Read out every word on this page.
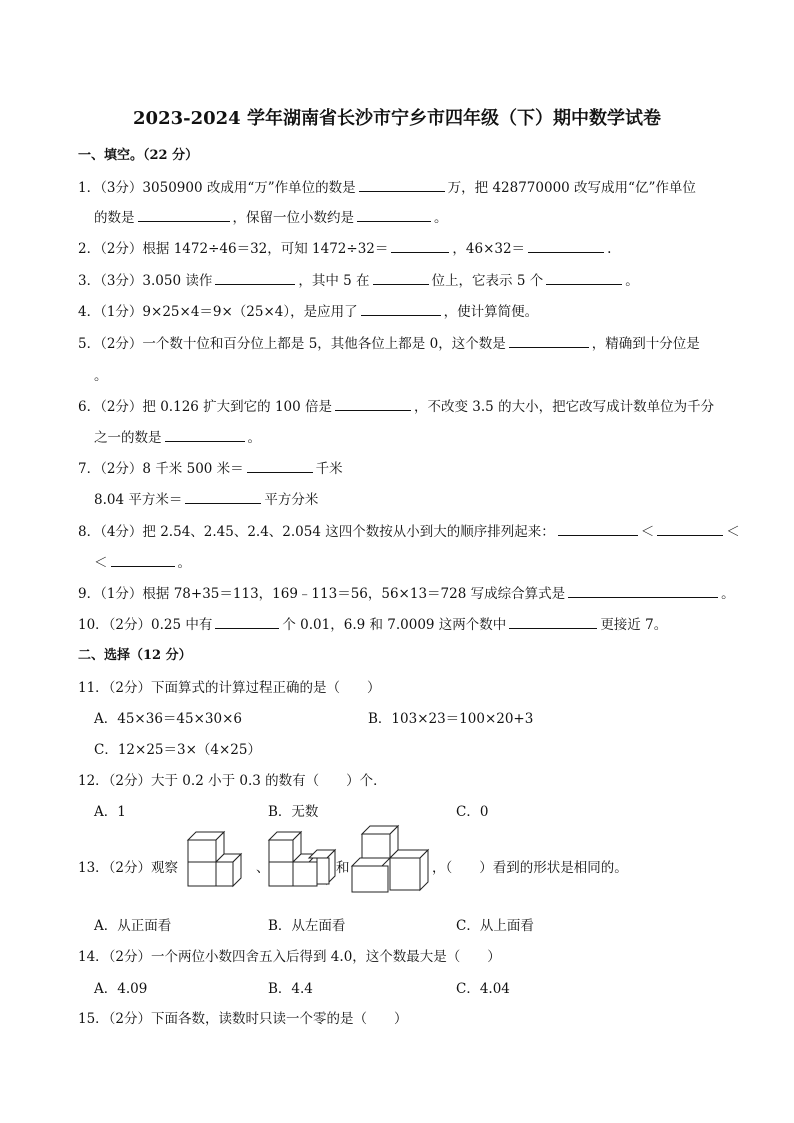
2023-2024 学年湖南省长沙市宁乡市四年级（下）期中数学试卷
一、填空。（22 分）
1．（3分）3050900 改成用“万”作单位的数是	万，把 428770000 改写成用“亿”作单位
的数是	，保留一位小数约是	。
2．（2分）根据 1472÷46＝32，可知 1472÷32＝	，46×32＝	.
3．（3分）3.050 读作	，其中 5 在	位上，它表示 5 个	。
4．（1分）9×25×4＝9×（25×4），是应用了	，使计算简便。
5．（2分）一个数十位和百分位上都是 5，其他各位上都是 0，这个数是	，精确到十分位是
。
6．（2分）把 0.126 扩大到它的 100 倍是	，不改变 3.5 的大小，把它改写成计数单位为千分
之一的数是	。
7．（2分）8 千米 500 米＝	千米
8.04 平方米＝	平方分米
8．（4分）把 2.54、2.45、2.4、2.054 这四个数按从小到大的顺序排列起来：	＜	＜
＜	。
9．（1分）根据 78+35＝113，169﹣113＝56，56×13＝728 写成综合算式是	。
10．（2分）0.25 中有	个 0.01，6.9 和 7.0009 这两个数中	更接近 7。
二、选择（12 分）
11．（2分）下面算式的计算过程正确的是（　　）
A．45×36＝45×30×6	B．103×23＝100×20+3
C．12×25＝3×（4×25）
12．（2分）大于 0.2 小于 0.3 的数有（　　）个．
A．1	B．无数	C．0
13．（2分）观察	、	和	，（　　）看到的形状是相同的。
A．从正面看	B．从左面看	C．从上面看
14．（2分）一个两位小数四舍五入后得到 4.0，这个数最大是（　　）
A．4.09	B．4.4	C．4.04
15．（2分）下面各数，读数时只读一个零的是（　　）
